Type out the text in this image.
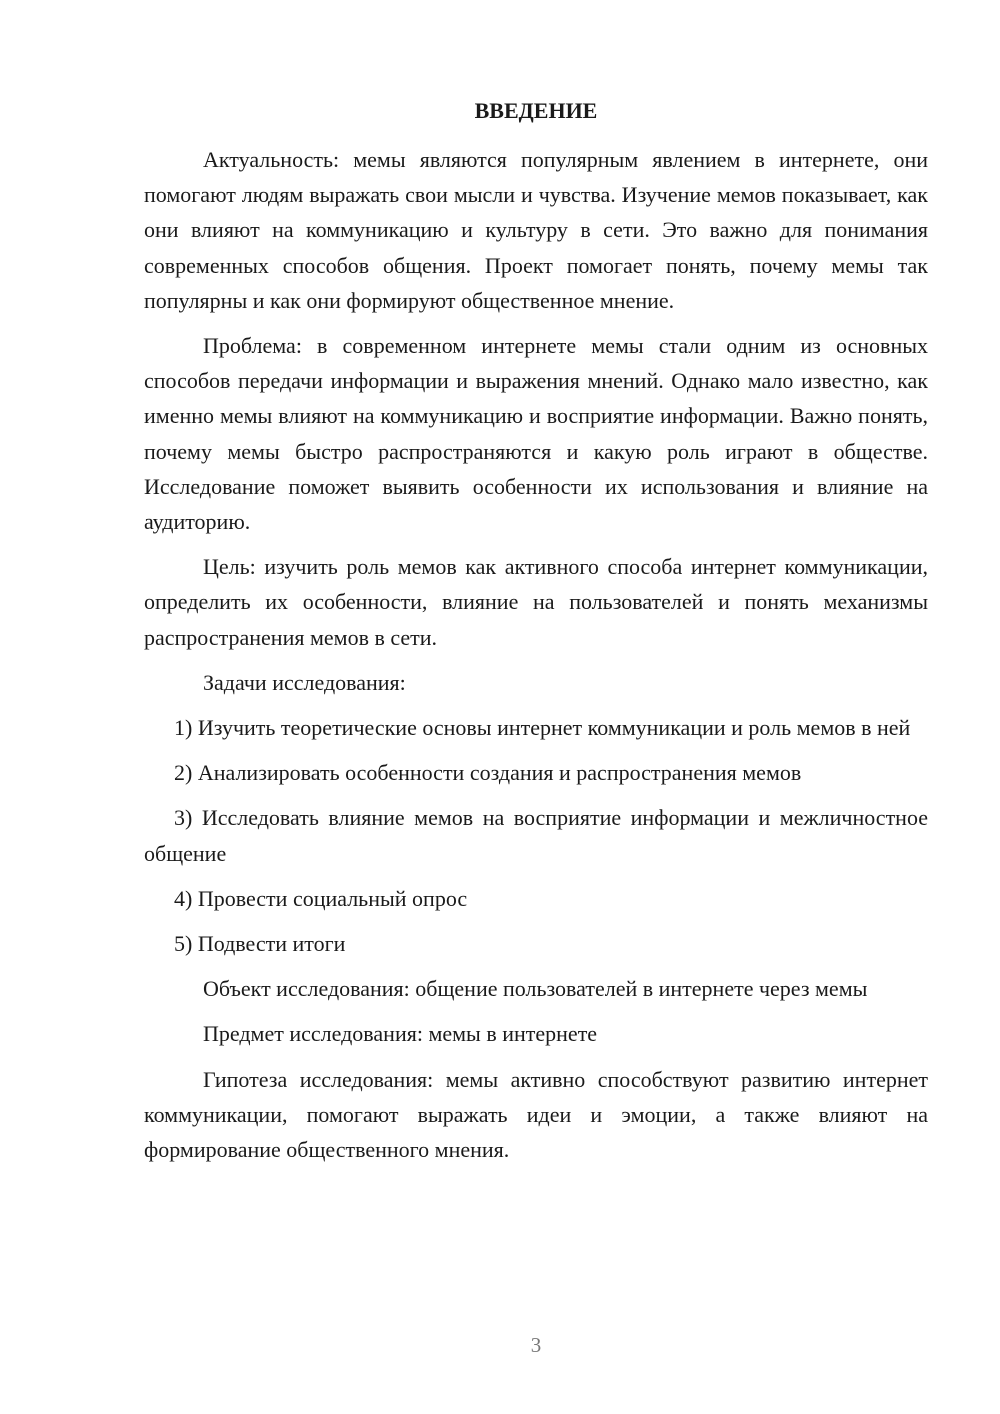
ВВЕДЕНИЕ

Актуальность: мемы являются популярным явлением в интернете, они помогают людям выражать свои мысли и чувства. Изучение мемов показывает, как они влияют на коммуникацию и культуру в сети. Это важно для понимания современных способов общения. Проект помогает понять, почему мемы так популярны и как они формируют общественное мнение.

Проблема: в современном интернете мемы стали одним из основных способов передачи информации и выражения мнений. Однако мало известно, как именно мемы влияют на коммуникацию и восприятие информации. Важно понять, почему мемы быстро распространяются и какую роль играют в обществе. Исследование поможет выявить особенности их использования и влияние на аудиторию.

Цель: изучить роль мемов как активного способа интернет коммуникации, определить их особенности, влияние на пользователей и понять механизмы распространения мемов в сети.

Задачи исследования:

1) Изучить теоретические основы интернет коммуникации и роль мемов в ней

2) Анализировать особенности создания и распространения мемов

3) Исследовать влияние мемов на восприятие информации и межличностное общение

4) Провести социальный опрос

5) Подвести итоги

Объект исследования: общение пользователей в интернете через мемы

Предмет исследования: мемы в интернете

Гипотеза исследования: мемы активно способствуют развитию интернет коммуникации, помогают выражать идеи и эмоции, а также влияют на формирование общественного мнения.

3
